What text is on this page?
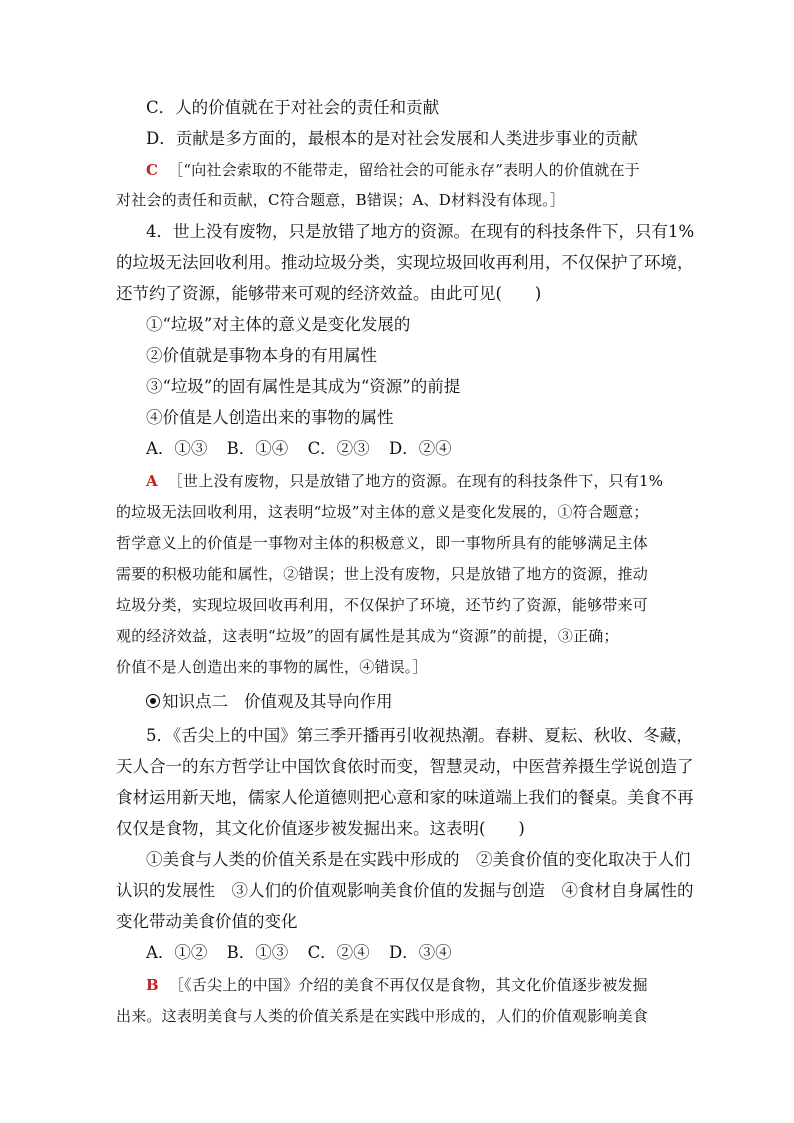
C．人的价值就在于对社会的责任和贡献
D．贡献是多方面的，最根本的是对社会发展和人类进步事业的贡献
C ［“向社会索取的不能带走，留给社会的可能永存”表明人的价值就在于
对社会的责任和贡献，C符合题意，B错误；A、D材料没有体现。］
4．世上没有废物，只是放错了地方的资源。在现有的科技条件下，只有1%
的垃圾无法回收利用。推动垃圾分类，实现垃圾回收再利用，不仅保护了环境，
还节约了资源，能够带来可观的经济效益。由此可见(　　)
①“垃圾”对主体的意义是变化发展的
②价值就是事物本身的有用属性
③“垃圾”的固有属性是其成为“资源”的前提
④价值是人创造出来的事物的属性
A．①③ B．①④ C．②③ D．②④
A ［世上没有废物，只是放错了地方的资源。在现有的科技条件下，只有1%
的垃圾无法回收利用，这表明“垃圾”对主体的意义是变化发展的，①符合题意；
哲学意义上的价值是一事物对主体的积极意义，即一事物所具有的能够满足主体
需要的积极功能和属性，②错误；世上没有废物，只是放错了地方的资源，推动
垃圾分类，实现垃圾回收再利用，不仅保护了环境，还节约了资源，能够带来可
观的经济效益，这表明“垃圾”的固有属性是其成为“资源”的前提，③正确；
价值不是人创造出来的事物的属性，④错误。］
知识点二 价值观及其导向作用
5．《舌尖上的中国》第三季开播再引收视热潮。春耕、夏耘、秋收、冬藏，
天人合一的东方哲学让中国饮食依时而变，智慧灵动，中医营养摄生学说创造了
食材运用新天地，儒家人伦道德则把心意和家的味道端上我们的餐桌。美食不再
仅仅是食物，其文化价值逐步被发掘出来。这表明(　　)
①美食与人类的价值关系是在实践中形成的　②美食价值的变化取决于人们
认识的发展性　③人们的价值观影响美食价值的发掘与创造　④食材自身属性的
变化带动美食价值的变化
A．①② B．①③ C．②④ D．③④
B ［《舌尖上的中国》介绍的美食不再仅仅是食物，其文化价值逐步被发掘
出来。这表明美食与人类的价值关系是在实践中形成的，人们的价值观影响美食
